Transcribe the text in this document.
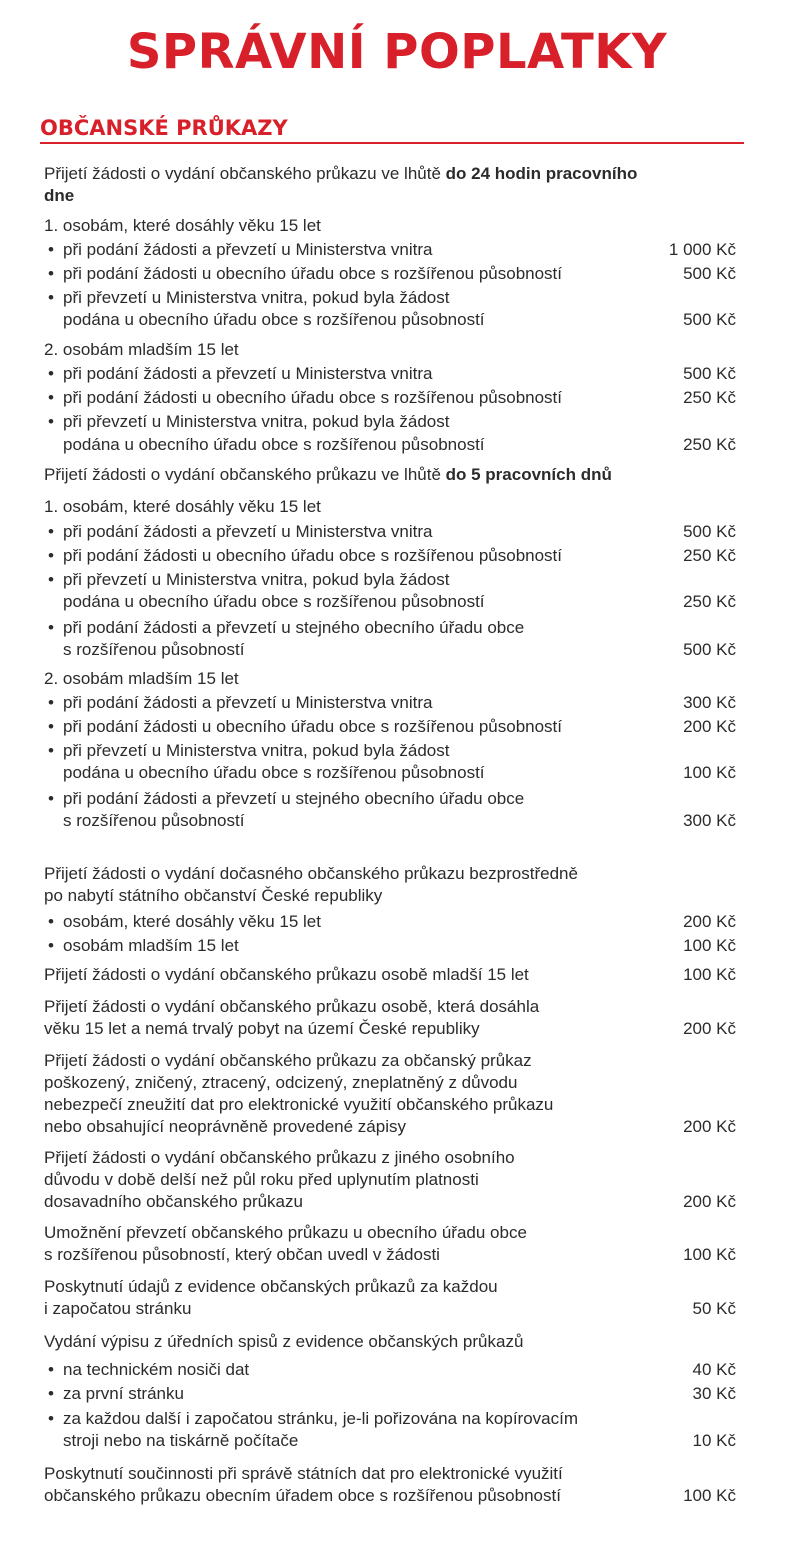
SPRÁVNÍ POPLATKY
OBČANSKÉ PRŮKAZY
Přijetí žádosti o vydání občanského průkazu ve lhůtě do 24 hodin pracovního
dne
1. osobám, které dosáhly věku 15 let
• při podání žádosti a převzetí u Ministerstva vnitra	1 000 Kč
• při podání žádosti u obecního úřadu obce s rozšířenou působností	500 Kč
• při převzetí u Ministerstva vnitra, pokud byla žádost
podána u obecního úřadu obce s rozšířenou působností	500 Kč
2. osobám mladším 15 let
• při podání žádosti a převzetí u Ministerstva vnitra	500 Kč
• při podání žádosti u obecního úřadu obce s rozšířenou působností	250 Kč
• při převzetí u Ministerstva vnitra, pokud byla žádost
podána u obecního úřadu obce s rozšířenou působností	250 Kč
Přijetí žádosti o vydání občanského průkazu ve lhůtě do 5 pracovních dnů
1. osobám, které dosáhly věku 15 let
• při podání žádosti a převzetí u Ministerstva vnitra	500 Kč
• při podání žádosti u obecního úřadu obce s rozšířenou působností	250 Kč
• při převzetí u Ministerstva vnitra, pokud byla žádost
podána u obecního úřadu obce s rozšířenou působností	250 Kč
• při podání žádosti a převzetí u stejného obecního úřadu obce
s rozšířenou působností	500 Kč
2. osobám mladším 15 let
• při podání žádosti a převzetí u Ministerstva vnitra	300 Kč
• při podání žádosti u obecního úřadu obce s rozšířenou působností	200 Kč
• při převzetí u Ministerstva vnitra, pokud byla žádost
podána u obecního úřadu obce s rozšířenou působností	100 Kč
• při podání žádosti a převzetí u stejného obecního úřadu obce
s rozšířenou působností	300 Kč
Přijetí žádosti o vydání dočasného občanského průkazu bezprostředně
po nabytí státního občanství České republiky
• osobám, které dosáhly věku 15 let	200 Kč
• osobám mladším 15 let	100 Kč
Přijetí žádosti o vydání občanského průkazu osobě mladší 15 let	100 Kč
Přijetí žádosti o vydání občanského průkazu osobě, která dosáhla
věku 15 let a nemá trvalý pobyt na území České republiky	200 Kč
Přijetí žádosti o vydání občanského průkazu za občanský průkaz
poškozený, zničený, ztracený, odcizený, zneplatněný z důvodu
nebezpečí zneužití dat pro elektronické využití občanského průkazu
nebo obsahující neoprávněně provedené zápisy	200 Kč
Přijetí žádosti o vydání občanského průkazu z jiného osobního
důvodu v době delší než půl roku před uplynutím platnosti
dosavadního občanského průkazu	200 Kč
Umožnění převzetí občanského průkazu u obecního úřadu obce
s rozšířenou působností, který občan uvedl v žádosti	100 Kč
Poskytnutí údajů z evidence občanských průkazů za každou
i započatou stránku	50 Kč
Vydání výpisu z úředních spisů z evidence občanských průkazů
• na technickém nosiči dat	40 Kč
• za první stránku	30 Kč
• za každou další i započatou stránku, je-li pořizována na kopírovacím
stroji nebo na tiskárně počítače	10 Kč
Poskytnutí součinnosti při správě státních dat pro elektronické využití
občanského průkazu obecním úřadem obce s rozšířenou působností	100 Kč
